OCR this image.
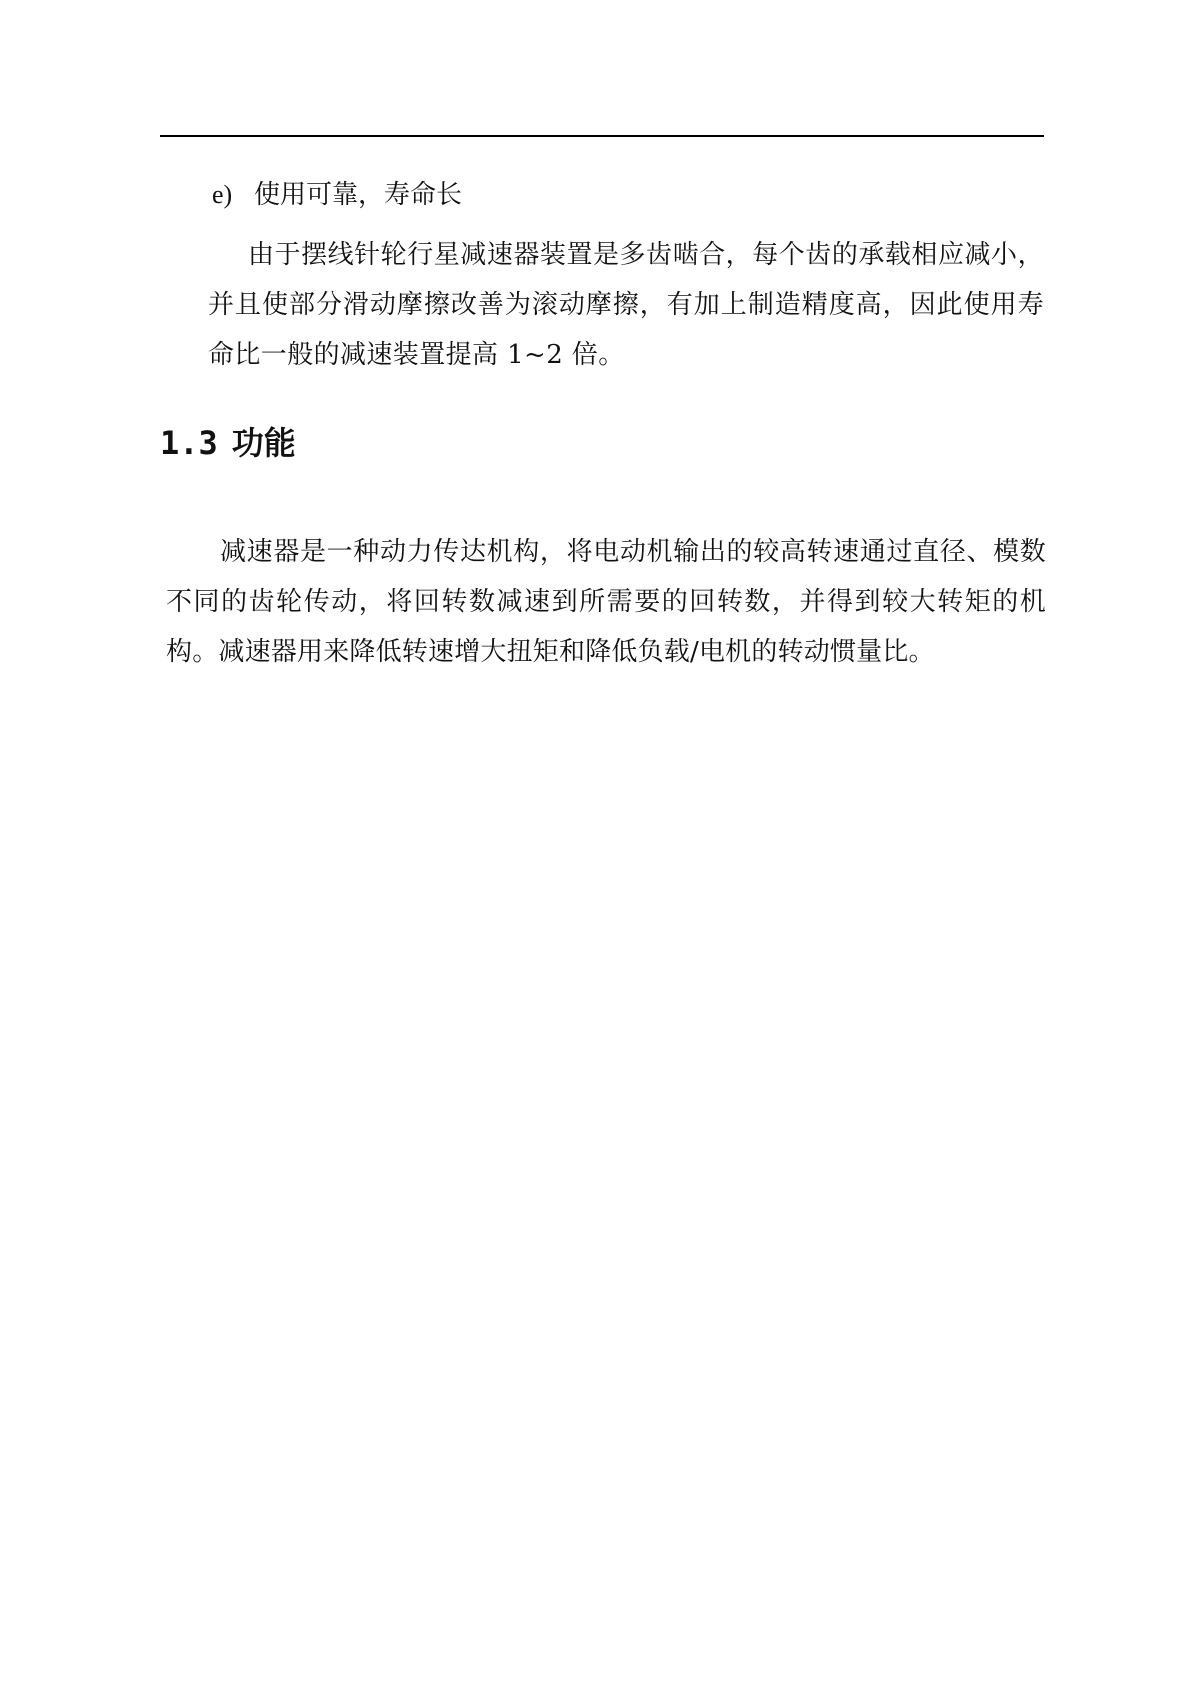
e) 使用可靠，寿命长

由于摆线针轮行星减速器装置是多齿啮合，每个齿的承载相应减小，并且使部分滑动摩擦改善为滚动摩擦，有加上制造精度高，因此使用寿命比一般的减速装置提高 1~2 倍。

1.3 功能

减速器是一种动力传达机构，将电动机输出的较高转速通过直径、模数不同的齿轮传动，将回转数减速到所需要的回转数，并得到较大转矩的机构。减速器用来降低转速增大扭矩和降低负载/电机的转动惯量比。
